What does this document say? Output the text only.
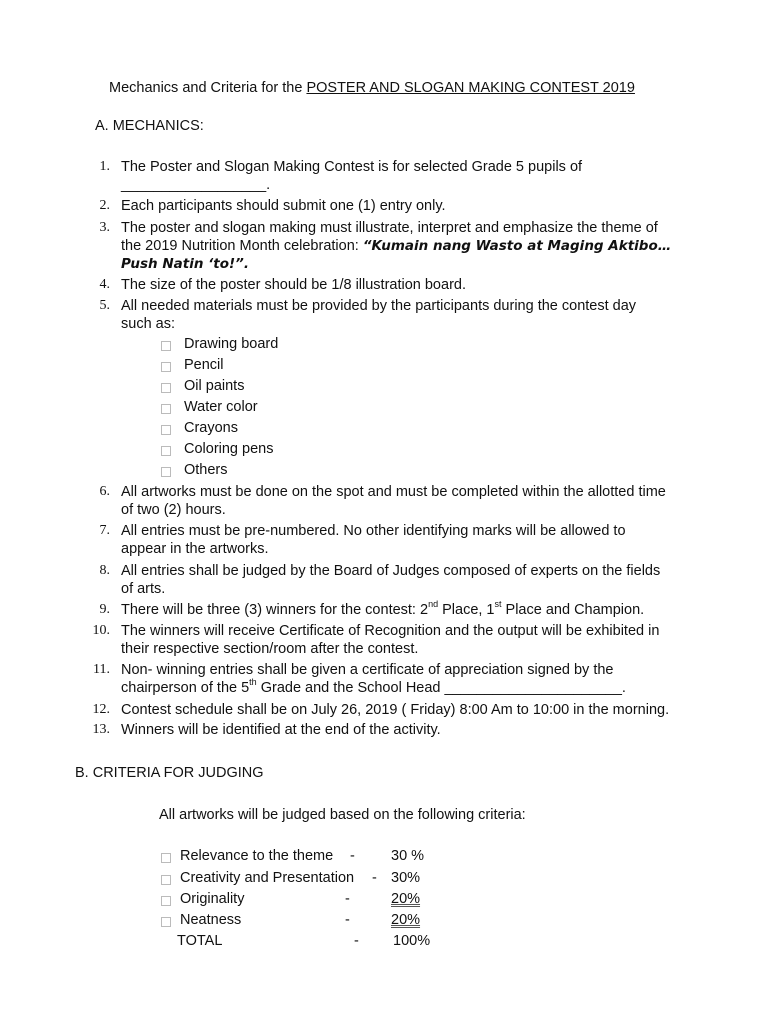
Mechanics and Criteria for the POSTER AND SLOGAN MAKING CONTEST 2019
A. MECHANICS:
1. The Poster and Slogan Making Contest is for selected Grade 5 pupils of
__________________.
2. Each participants should submit one (1) entry only.
3. The poster and slogan making must illustrate, interpret and emphasize the theme of
the 2019 Nutrition Month celebration: “Kumain nang Wasto at Maging Aktibo…
Push Natin ‘to!”.
4. The size of the poster should be 1/8 illustration board.
5. All needed materials must be provided by the participants during the contest day
such as:
Drawing board
Pencil
Oil paints
Water color
Crayons
Coloring pens
Others
6. All artworks must be done on the spot and must be completed within the allotted time
of two (2) hours.
7. All entries must be pre-numbered. No other identifying marks will be allowed to
appear in the artworks.
8. All entries shall be judged by the Board of Judges composed of experts on the fields
of arts.
9. There will be three (3) winners for the contest: 2nd Place, 1st Place and Champion.
10. The winners will receive Certificate of Recognition and the output will be exhibited in
their respective section/room after the contest.
11. Non- winning entries shall be given a certificate of appreciation signed by the
chairperson of the 5th Grade and the School Head ______________________.
12. Contest schedule shall be on July 26, 2019 ( Friday) 8:00 Am to 10:00 in the morning.
13. Winners will be identified at the end of the activity.
B. CRITERIA FOR JUDGING
All artworks will be judged based on the following criteria:
Relevance to the theme - 30 %
Creativity and Presentation - 30%
Originality	-	20%
Neatness	-	20%
TOTAL	- 100%
